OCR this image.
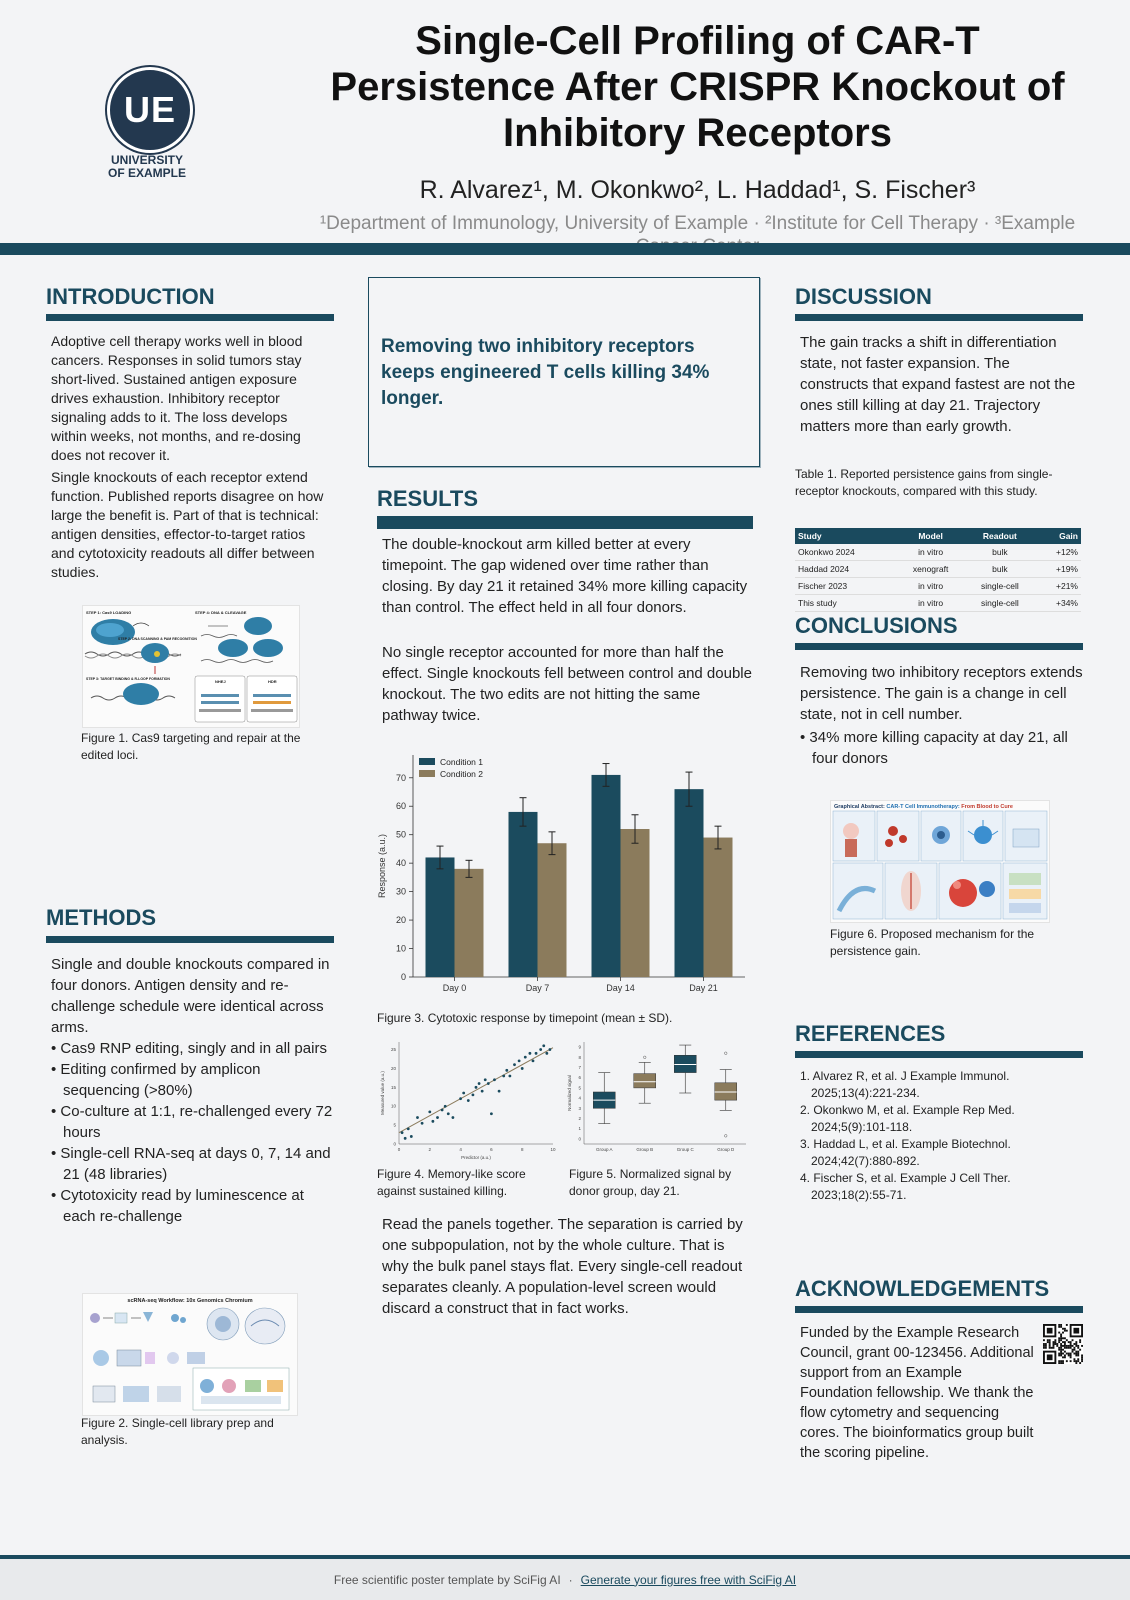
UE
UNIVERSITY
OF EXAMPLE
Single-Cell Profiling of CAR-T Persistence After CRISPR Knockout of Inhibitory Receptors
R. Alvarez¹, M. Okonkwo², L. Haddad¹, S. Fischer³
¹Department of Immunology, University of Example · ²Institute for Cell Therapy · ³Example
INTRODUCTION
Adoptive cell therapy works well in blood cancers. Responses in solid tumors stay short-lived. Sustained antigen exposure drives exhaustion. Inhibitory receptor signaling adds to it. The loss develops within weeks, not months, and re-dosing does not recover it.
Single knockouts of each receptor extend function. Published reports disagree on how large the benefit is. Part of that is technical: antigen densities, effector-to-target ratios and cytotoxicity readouts all differ between studies.
STEP 1: Cas9 LOADING	STEP 4: DNA & CLEAVAGE
STEP 2: DNA SCANNING & PAM RECOGNITION
STEP 3: TARGET BINDING & R-LOOP FORMATION	NHEJ	HDR
Figure 1. Cas9 targeting and repair at the edited loci.
METHODS
Single and double knockouts compared in four donors. Antigen density and re-challenge schedule were identical across arms.
• Cas9 RNP editing, singly and in all pairs
• Editing confirmed by amplicon sequencing (>80%)
• Co-culture at 1:1, re-challenged every 72 hours
• Single-cell RNA-seq at days 0, 7, 14 and 21 (48 libraries)
• Cytotoxicity read by luminescence at each re-challenge
scRNA-seq Workflow: 10x Genomics Chromium
Figure 2. Single-cell library prep and analysis.
Removing two inhibitory receptors keeps engineered T cells killing 34% longer.
RESULTS
The double-knockout arm killed better at every timepoint. The gap widened over time rather than closing. By day 21 it retained 34% more killing capacity than control. The effect held in all four donors.
No single receptor accounted for more than half the effect. Single knockouts fell between control and double knockout. The two edits are not hitting the same pathway twice.
0
10
20
30
40
50
60
70
Response (a.u.)
Day 0	Day 7	Day 14	Day 21
Condition 1
Condition 2
Figure 3. Cytotoxic response by timepoint (mean ± SD).
0	2	4	6	8	10
0
5
10
15
20
25
Predictor (a.u.)
Measured value (a.u.)
0
1
2
3
4
5
6
7
8
9
Normalized signal
Group A	Group B	Group C	Group D
Figure 4. Memory-like score against sustained killing.
Figure 5. Normalized signal by donor group, day 21.
Read the panels together. The separation is carried by one subpopulation, not by the whole culture. That is why the bulk panel stays flat. Every single-cell readout separates cleanly. A population-level screen would discard a construct that in fact works.
DISCUSSION
The gain tracks a shift in differentiation state, not faster expansion. The constructs that expand fastest are not the ones still killing at day 21. Trajectory matters more than early growth.
Table 1. Reported persistence gains from single-receptor knockouts, compared with this study.
Study	Model	Readout	Gain
Okonkwo 2024	in vitro	bulk	+12%
Haddad 2024	xenograft	bulk	+19%
Fischer 2023	in vitro	single-cell	+21%
This study	in vitro	single-cell	+34%
CONCLUSIONS
Removing two inhibitory receptors extends persistence. The gain is a change in cell state, not in cell number.
• 34% more killing capacity at day 21, all four donors
Graphical Abstract: CAR-T Cell Immunotherapy: From Blood to Cure
Figure 6. Proposed mechanism for the persistence gain.
REFERENCES
1. Alvarez R, et al. J Example Immunol. 2025;13(4):221-234.
2. Okonkwo M, et al. Example Rep Med. 2024;5(9):101-118.
3. Haddad L, et al. Example Biotechnol. 2024;42(7):880-892.
4. Fischer S, et al. Example J Cell Ther. 2023;18(2):55-71.
ACKNOWLEDGEMENTS
Funded by the Example Research Council, grant 00-123456. Additional support from an Example Foundation fellowship. We thank the flow cytometry and sequencing cores. The bioinformatics group built the scoring pipeline.
Free scientific poster template by SciFig AI · Generate your figures free with SciFig AI
